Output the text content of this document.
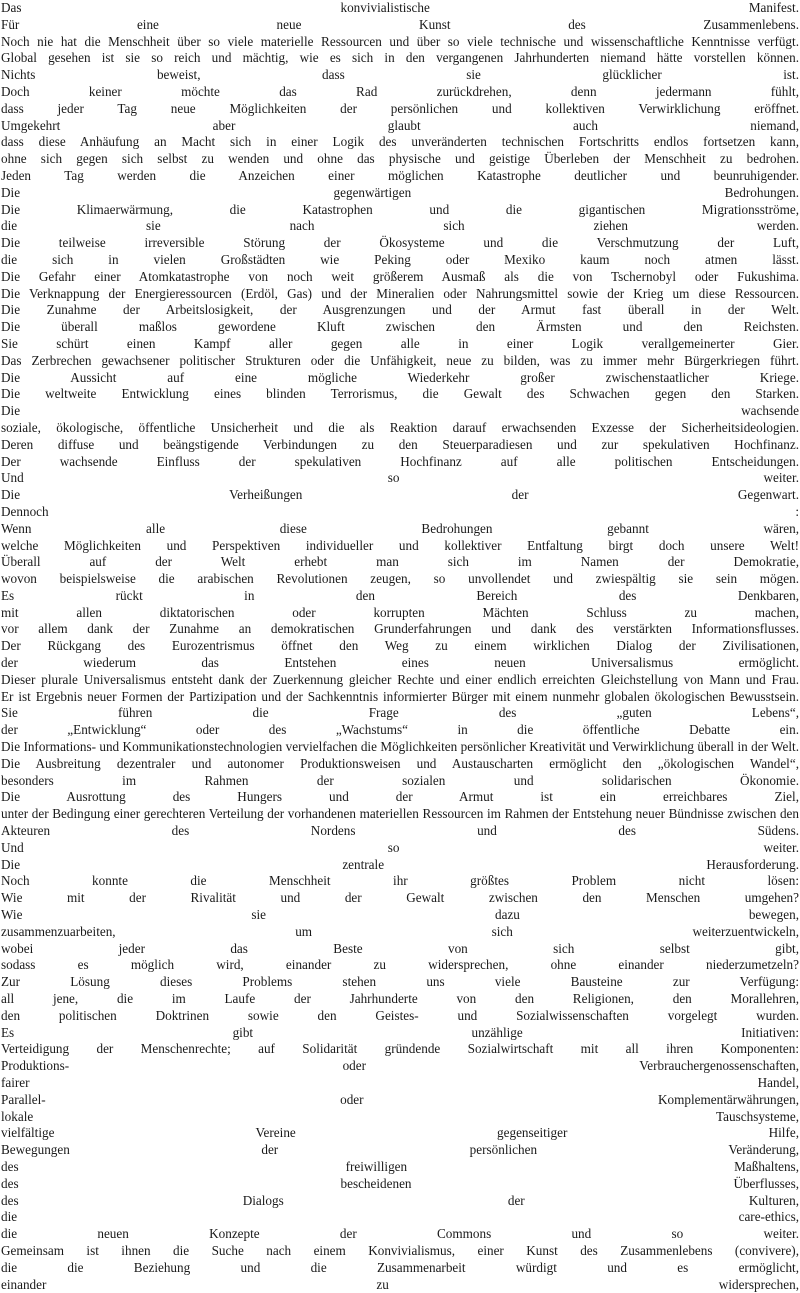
Das konvivialistische Manifest.
Für eine neue Kunst des Zusammenlebens.
Noch nie hat die Menschheit über so viele materielle Ressourcen und über so viele technische und wissenschaftliche Kenntnisse verfügt.
Global gesehen ist sie so reich und mächtig, wie es sich in den vergangenen Jahrhunderten niemand hätte vorstellen können.
Nichts beweist, dass sie glücklicher ist.
Doch keiner möchte das Rad zurückdrehen, denn jedermann fühlt,
dass jeder Tag neue Möglichkeiten der persönlichen und kollektiven Verwirklichung eröffnet.
Umgekehrt aber glaubt auch niemand,
dass diese Anhäufung an Macht sich in einer Logik des unveränderten technischen Fortschritts endlos fortsetzen kann,
ohne sich gegen sich selbst zu wenden und ohne das physische und geistige Überleben der Menschheit zu bedrohen.
Jeden Tag werden die Anzeichen einer möglichen Katastrophe deutlicher und beunruhigender.
Die gegenwärtigen Bedrohungen.
Die Klimaerwärmung, die Katastrophen und die gigantischen Migrationsströme,
die sie nach sich ziehen werden.
Die teilweise irreversible Störung der Ökosysteme und die Verschmutzung der Luft,
die sich in vielen Großstädten wie Peking oder Mexiko kaum noch atmen lässt.
Die Gefahr einer Atomkatastrophe von noch weit größerem Ausmaß als die von Tschernobyl oder Fukushima.
Die Verknappung der Energieressourcen (Erdöl, Gas) und der Mineralien oder Nahrungsmittel sowie der Krieg um diese Ressourcen.
Die Zunahme der Arbeitslosigkeit, der Ausgrenzungen und der Armut fast überall in der Welt.
Die überall maßlos gewordene Kluft zwischen den Ärmsten und den Reichsten.
Sie schürt einen Kampf aller gegen alle in einer Logik verallgemeinerter Gier.
Das Zerbrechen gewachsener politischer Strukturen oder die Unfähigkeit, neue zu bilden, was zu immer mehr Bürgerkriegen führt.
Die Aussicht auf eine mögliche Wiederkehr großer zwischenstaatlicher Kriege.
Die weltweite Entwicklung eines blinden Terrorismus, die Gewalt des Schwachen gegen den Starken.
Die wachsende
soziale, ökologische, öffentliche Unsicherheit und die als Reaktion darauf erwachsenden Exzesse der Sicherheitsideologien.
Deren diffuse und beängstigende Verbindungen zu den Steuerparadiesen und zur spekulativen Hochfinanz.
Der wachsende Einfluss der spekulativen Hochfinanz auf alle politischen Entscheidungen.
Und so weiter.
Die Verheißungen der Gegenwart.
Dennoch :
Wenn alle diese Bedrohungen gebannt wären,
welche Möglichkeiten und Perspektiven individueller und kollektiver Entfaltung birgt doch unsere Welt!
Überall auf der Welt erhebt man sich im Namen der Demokratie,
wovon beispielsweise die arabischen Revolutionen zeugen, so unvollendet und zwiespältig sie sein mögen.
Es rückt in den Bereich des Denkbaren,
mit allen diktatorischen oder korrupten Mächten Schluss zu machen,
vor allem dank der Zunahme an demokratischen Grunderfahrungen und dank des verstärkten Informationsflusses.
Der Rückgang des Eurozentrismus öffnet den Weg zu einem wirklichen Dialog der Zivilisationen,
der wiederum das Entstehen eines neuen Universalismus ermöglicht.
Dieser plurale Universalismus entsteht dank der Zuerkennung gleicher Rechte und einer endlich erreichten Gleichstellung von Mann und Frau.
Er ist Ergebnis neuer Formen der Partizipation und der Sachkenntnis informierter Bürger mit einem nunmehr globalen ökologischen Bewusstsein.
Sie führen die Frage des „guten Lebens“,
der „Entwicklung“ oder des „Wachstums“ in die öffentliche Debatte ein.
Die Informations- und Kommunikationstechnologien vervielfachen die Möglichkeiten persönlicher Kreativität und Verwirklichung überall in der Welt.
Die Ausbreitung dezentraler und autonomer Produktionsweisen und Austauscharten ermöglicht den „ökologischen Wandel“,
besonders im Rahmen der sozialen und solidarischen Ökonomie.
Die Ausrottung des Hungers und der Armut ist ein erreichbares Ziel,
unter der Bedingung einer gerechteren Verteilung der vorhandenen materiellen Ressourcen im Rahmen der Entstehung neuer Bündnisse zwischen den
Akteuren des Nordens und des Südens.
Und so weiter.
Die zentrale Herausforderung.
Noch konnte die Menschheit ihr größtes Problem nicht lösen:
Wie mit der Rivalität und der Gewalt zwischen den Menschen umgehen?
Wie sie dazu bewegen,
zusammenzuarbeiten, um sich weiterzuentwickeln,
wobei jeder das Beste von sich selbst gibt,
sodass es möglich wird, einander zu widersprechen, ohne einander niederzumetzeln?
Zur Lösung dieses Problems stehen uns viele Bausteine zur Verfügung:
all jene, die im Laufe der Jahrhunderte von den Religionen, den Morallehren,
den politischen Doktrinen sowie den Geistes- und Sozialwissenschaften vorgelegt wurden.
Es gibt unzählige Initiativen:
Verteidigung der Menschenrechte; auf Solidarität gründende Sozialwirtschaft mit all ihren Komponenten:
Produktions- oder Verbrauchergenossenschaften,
fairer Handel,
Parallel- oder Komplementärwährungen,
lokale Tauschsysteme,
vielfältige Vereine gegenseitiger Hilfe,
Bewegungen der persönlichen Veränderung,
des freiwilligen Maßhaltens,
des bescheidenen Überflusses,
des Dialogs der Kulturen,
die care-ethics,
die neuen Konzepte der Commons und so weiter.
Gemeinsam ist ihnen die Suche nach einem Konvivialismus, einer Kunst des Zusammenlebens (convivere),
die die Beziehung und die Zusammenarbeit würdigt und es ermöglicht,
einander zu widersprechen,
